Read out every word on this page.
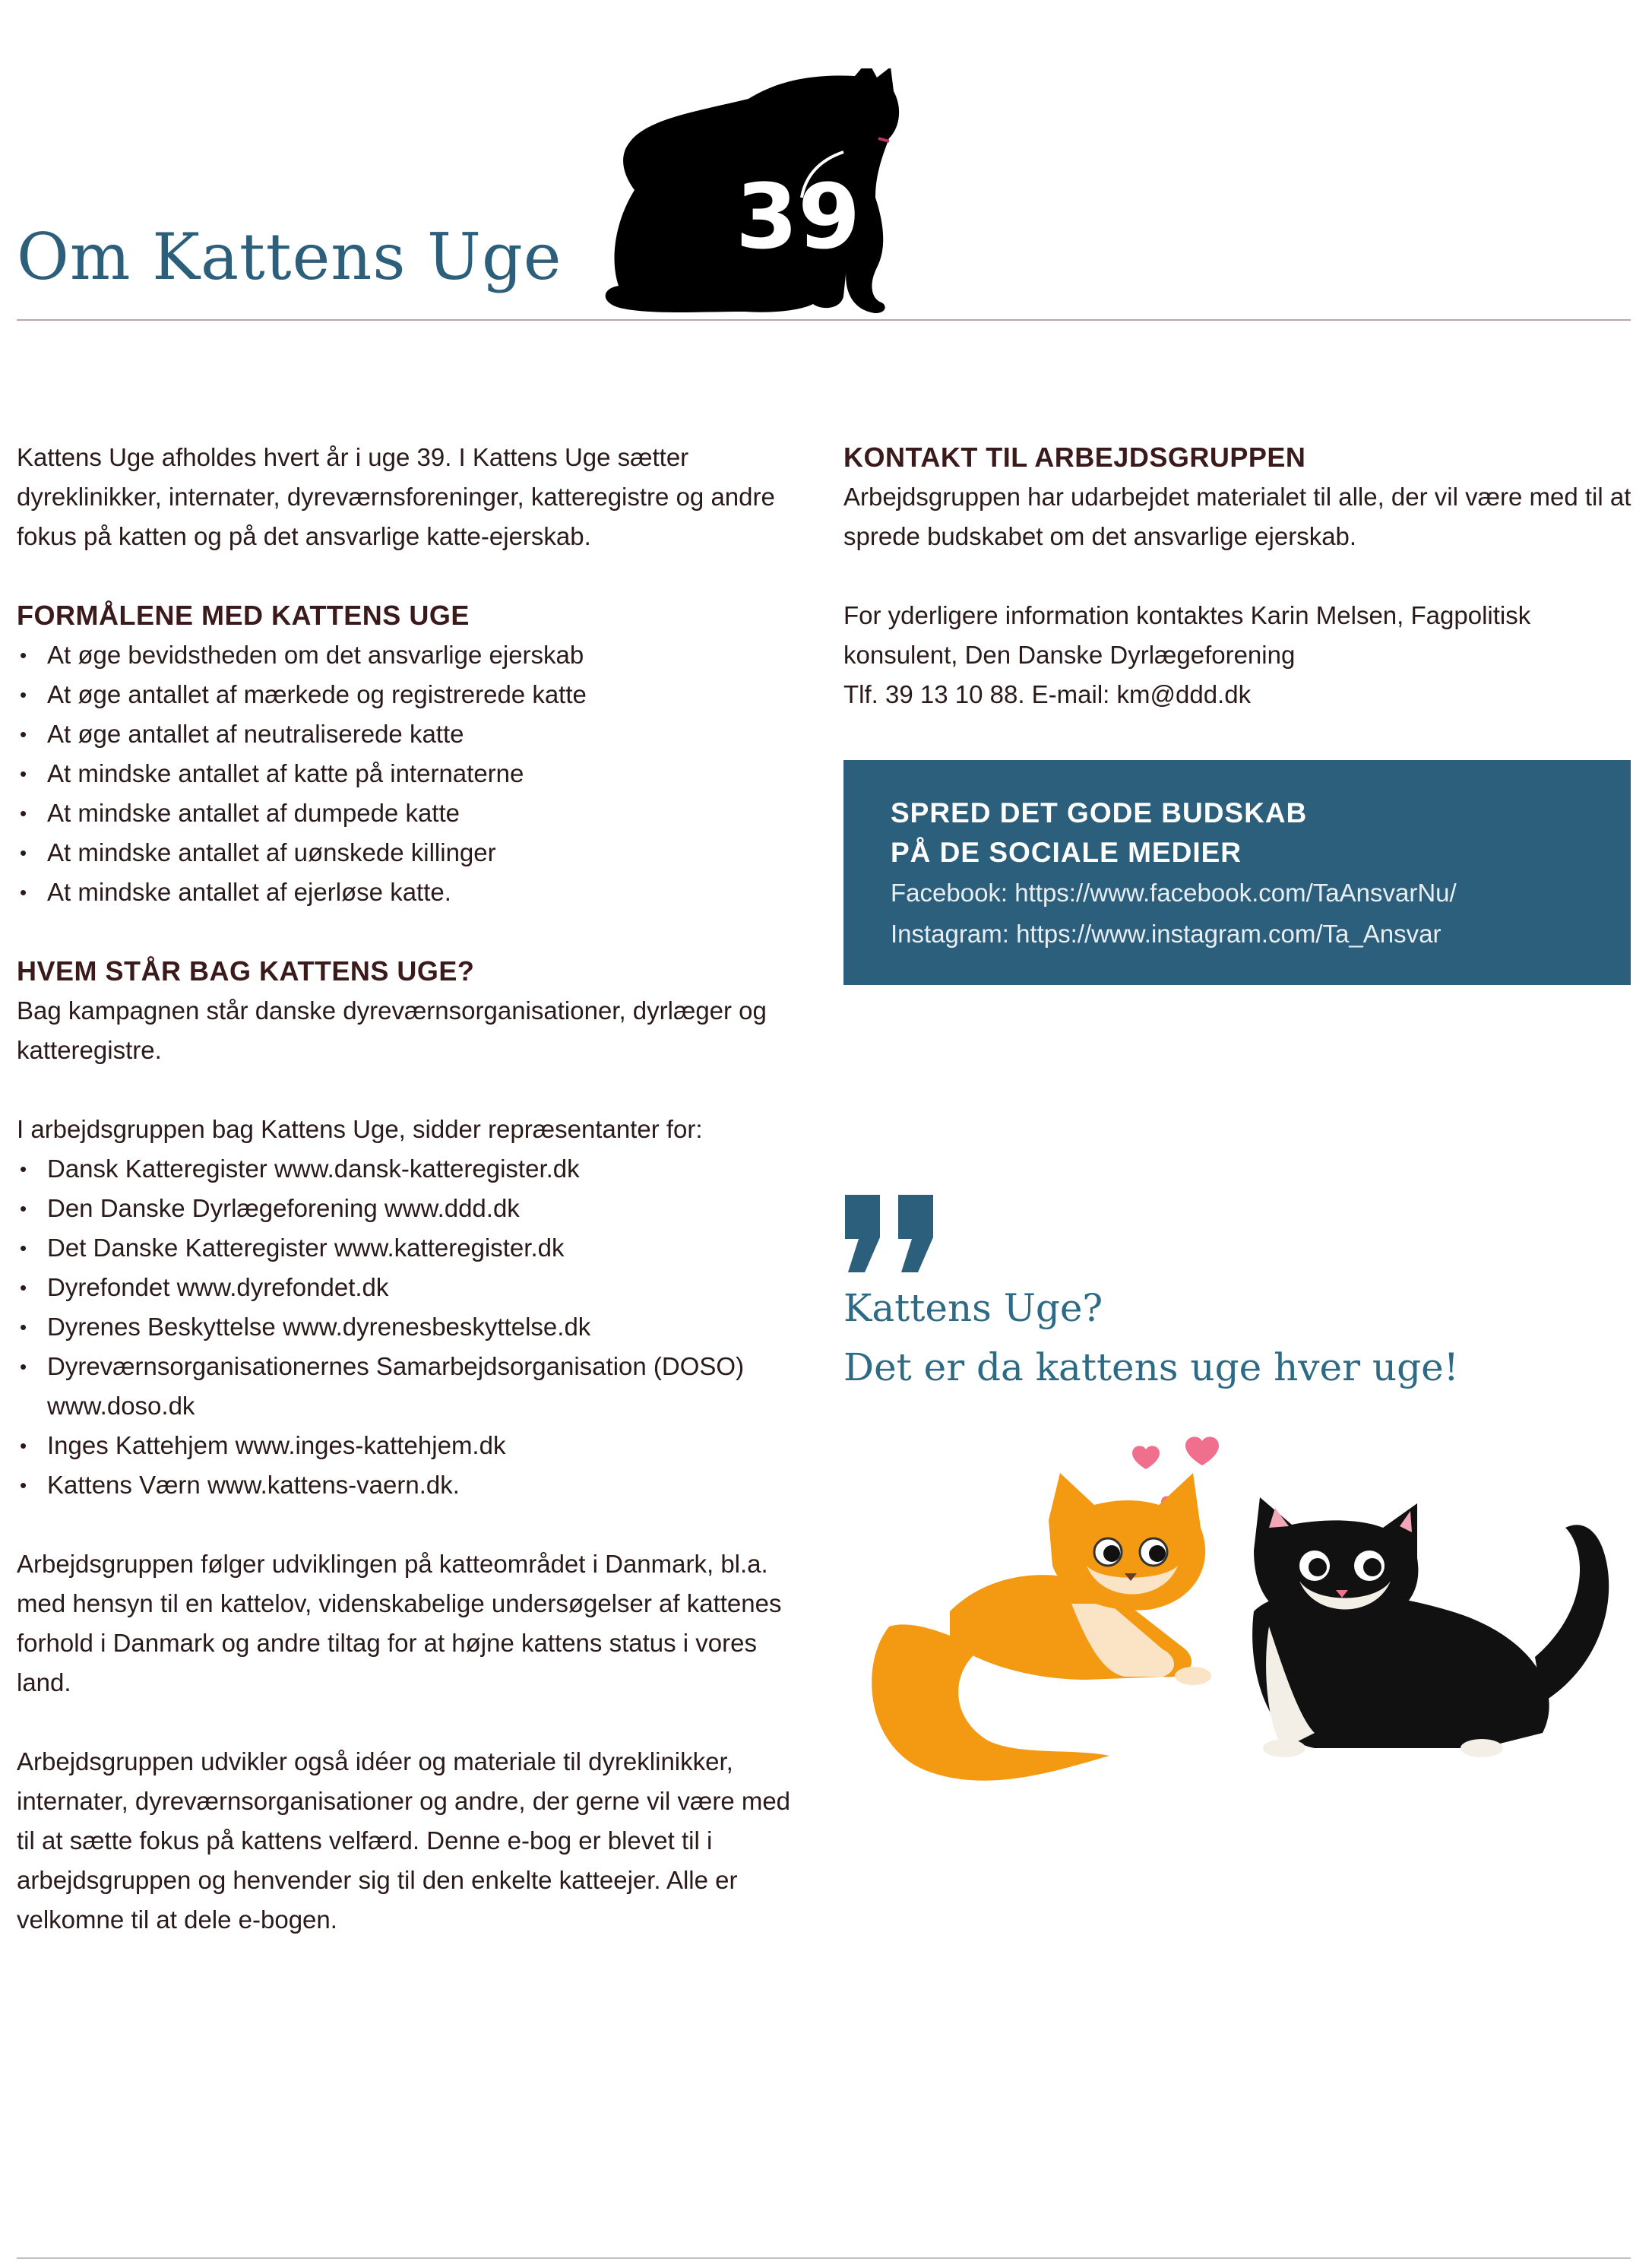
Om Kattens Uge 39

Kattens Uge afholdes hvert år i uge 39. I Kattens Uge sætter dyreklinikker, internater, dyreværnsforeninger, katteregistre og andre fokus på katten og på det ansvarlige katte-ejerskab.

FORMÅLENE MED KATTENS UGE
• At øge bevidstheden om det ansvarlige ejerskab
• At øge antallet af mærkede og registrerede katte
• At øge antallet af neutraliserede katte
• At mindske antallet af katte på internaterne
• At mindske antallet af dumpede katte
• At mindske antallet af uønskede killinger
• At mindske antallet af ejerløse katte.
HVEM STÅR BAG KATTENS UGE?

Bag kampagnen står danske dyreværnsorganisationer, dyrlæger og katteregistre.

I arbejdsgruppen bag Kattens Uge, sidder repræsentanter for:

• Dansk Katteregister www.dansk-katteregister.dk
• Den Danske Dyrlægeforening www.ddd.dk
• Det Danske Katteregister www.katteregister.dk
• Dyrefondet www.dyrefondet.dk
• Dyrenes Beskyttelse www.dyrenesbeskyttelse.dk
• Dyreværnsorganisationernes Samarbejdsorganisation (DOSO) www.doso.dk
• Inges Kattehjem www.inges-kattehjem.dk
• Kattens Værn www.kattens-vaern.dk.

Arbejdsgruppen følger udviklingen på katteområdet i Danmark, bl.a. med hensyn til en kattelov, videnskabelige undersøgelser af kattenes forhold i Danmark og andre tiltag for at højne kattens status i vores land.

Arbejdsgruppen udvikler også idéer og materiale til dyreklinikker, internater, dyreværnsorganisationer og andre, der gerne vil være med til at sætte fokus på kattens velfærd. Denne e-bog er blevet til i arbejdsgruppen og henvender sig til den enkelte katteejer. Alle er velkomne til at dele e-bogen.

KONTAKT TIL ARBEJDSGRUPPEN

Arbejdsgruppen har udarbejdet materialet til alle, der vil være med til at sprede budskabet om det ansvarlige ejerskab.

For yderligere information kontaktes Karin Melsen, Fagpolitisk konsulent, Den Danske Dyrlægeforening

Tlf. 39 13 10 88. E-mail: km@ddd.dk

SPRED DET GODE BUDSKAB
PÅ DE SOCIALE MEDIER

Facebook: https://www.facebook.com/TaAnsvarNu/

Instagram: https://www.instagram.com/Ta_Ansvar

Kattens Uge?
Det er da kattens uge hver uge!
